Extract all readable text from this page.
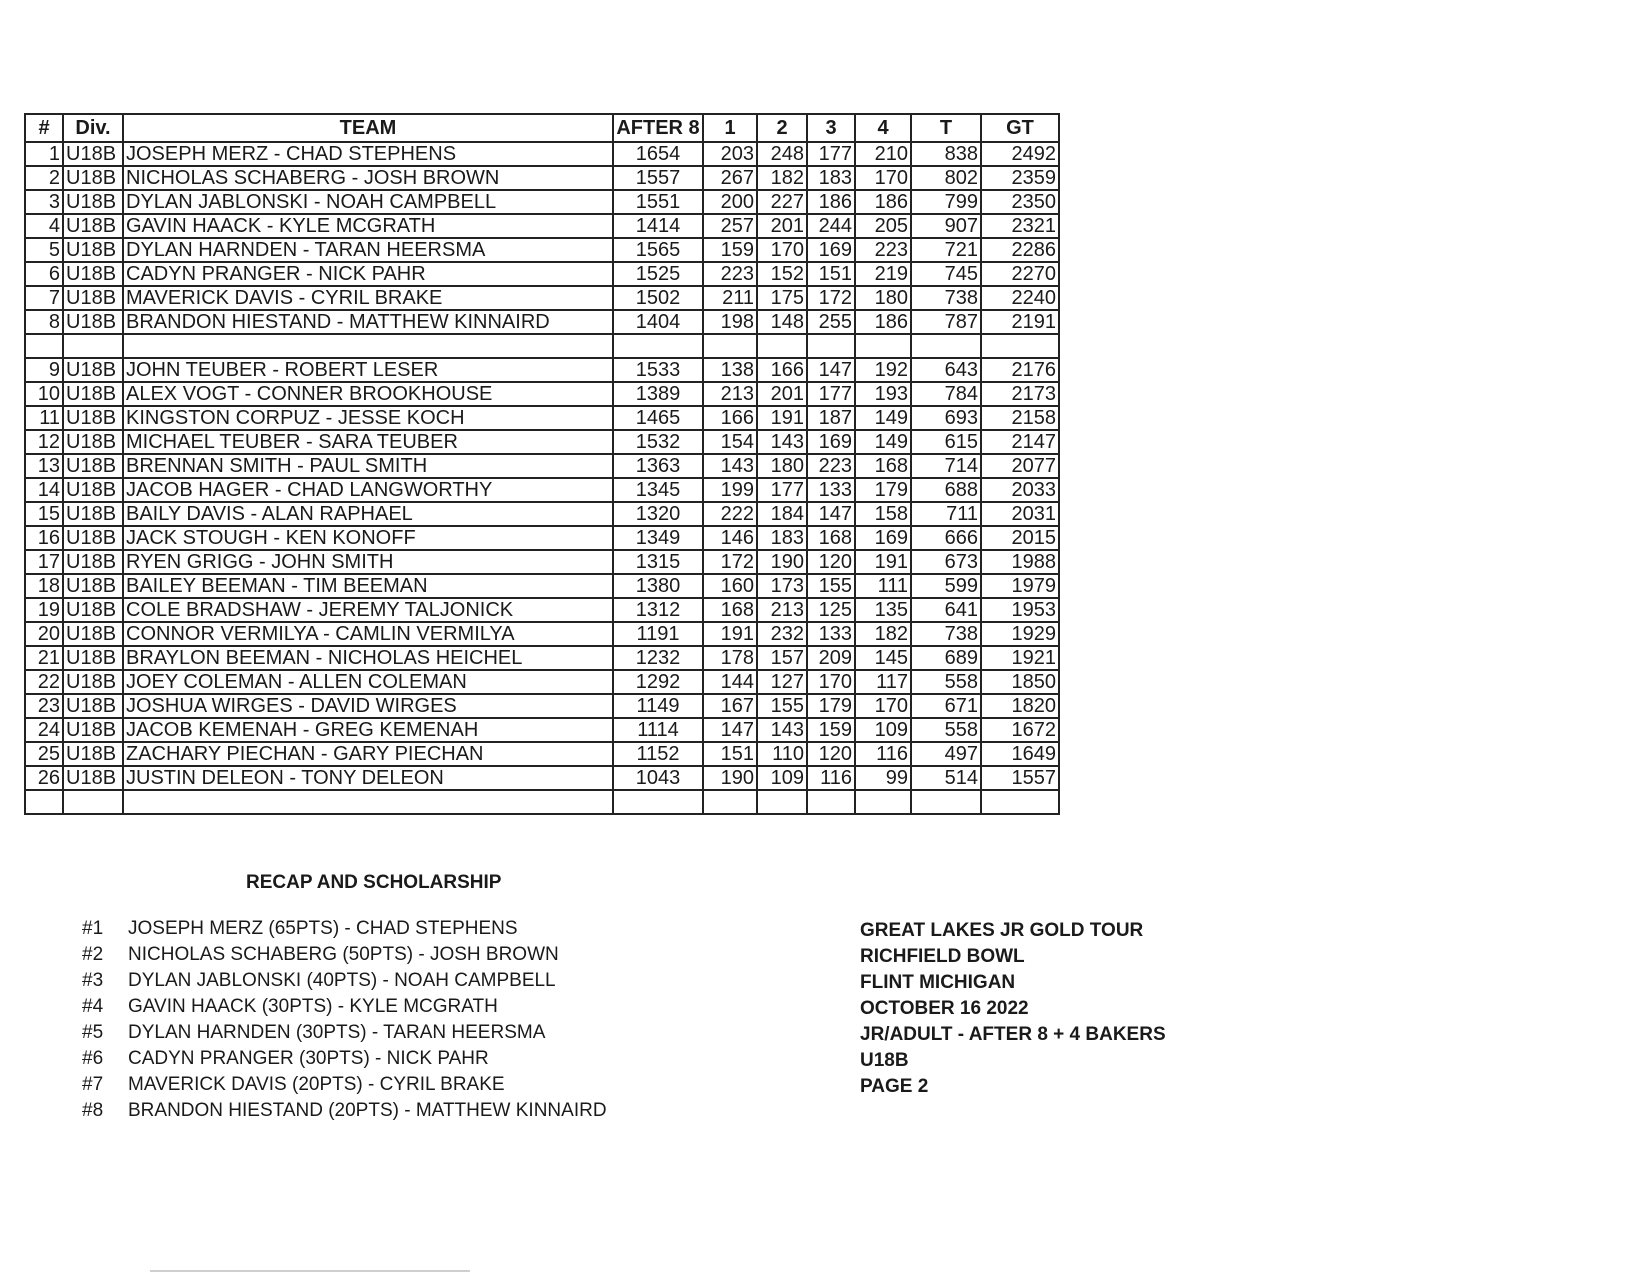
#	Div.	TEAM	AFTER 8	1	2	3	4	T	GT
1	U18B	JOSEPH MERZ - CHAD STEPHENS	1654	203	248	177	210	838	2492
2	U18B	NICHOLAS SCHABERG - JOSH BROWN	1557	267	182	183	170	802	2359
3	U18B	DYLAN JABLONSKI - NOAH CAMPBELL	1551	200	227	186	186	799	2350
4	U18B	GAVIN HAACK - KYLE MCGRATH	1414	257	201	244	205	907	2321
5	U18B	DYLAN HARNDEN - TARAN HEERSMA	1565	159	170	169	223	721	2286
6	U18B	CADYN PRANGER - NICK PAHR	1525	223	152	151	219	745	2270
7	U18B	MAVERICK DAVIS - CYRIL BRAKE	1502	211	175	172	180	738	2240
8	U18B	BRANDON HIESTAND - MATTHEW KINNAIRD	1404	198	148	255	186	787	2191

9	U18B	JOHN TEUBER - ROBERT LESER	1533	138	166	147	192	643	2176
10	U18B	ALEX VOGT - CONNER BROOKHOUSE	1389	213	201	177	193	784	2173
11	U18B	KINGSTON CORPUZ - JESSE KOCH	1465	166	191	187	149	693	2158
12	U18B	MICHAEL TEUBER - SARA TEUBER	1532	154	143	169	149	615	2147
13	U18B	BRENNAN SMITH - PAUL SMITH	1363	143	180	223	168	714	2077
14	U18B	JACOB HAGER - CHAD LANGWORTHY	1345	199	177	133	179	688	2033
15	U18B	BAILY DAVIS - ALAN RAPHAEL	1320	222	184	147	158	711	2031
16	U18B	JACK STOUGH - KEN KONOFF	1349	146	183	168	169	666	2015
17	U18B	RYEN GRIGG - JOHN SMITH	1315	172	190	120	191	673	1988
18	U18B	BAILEY BEEMAN - TIM BEEMAN	1380	160	173	155	111	599	1979
19	U18B	COLE BRADSHAW - JEREMY TALJONICK	1312	168	213	125	135	641	1953
20	U18B	CONNOR VERMILYA - CAMLIN VERMILYA	1191	191	232	133	182	738	1929
21	U18B	BRAYLON BEEMAN - NICHOLAS HEICHEL	1232	178	157	209	145	689	1921
22	U18B	JOEY COLEMAN - ALLEN COLEMAN	1292	144	127	170	117	558	1850
23	U18B	JOSHUA WIRGES - DAVID WIRGES	1149	167	155	179	170	671	1820
24	U18B	JACOB KEMENAH - GREG KEMENAH	1114	147	143	159	109	558	1672
25	U18B	ZACHARY PIECHAN - GARY PIECHAN	1152	151	110	120	116	497	1649
26	U18B	JUSTIN DELEON - TONY DELEON	1043	190	109	116	99	514	1557

RECAP AND SCHOLARSHIP
#1	JOSEPH MERZ (65PTS) - CHAD STEPHENS
#2	NICHOLAS SCHABERG (50PTS) - JOSH BROWN
#3	DYLAN JABLONSKI (40PTS) - NOAH CAMPBELL
#4	GAVIN HAACK (30PTS) - KYLE MCGRATH
#5	DYLAN HARNDEN (30PTS) - TARAN HEERSMA
#6	CADYN PRANGER (30PTS) - NICK PAHR
#7	MAVERICK DAVIS (20PTS) - CYRIL BRAKE
#8	BRANDON HIESTAND (20PTS) - MATTHEW KINNAIRD
GREAT LAKES JR GOLD TOUR
RICHFIELD BOWL
FLINT MICHIGAN
OCTOBER 16 2022
JR/ADULT - AFTER 8 + 4 BAKERS
U18B
PAGE 2
